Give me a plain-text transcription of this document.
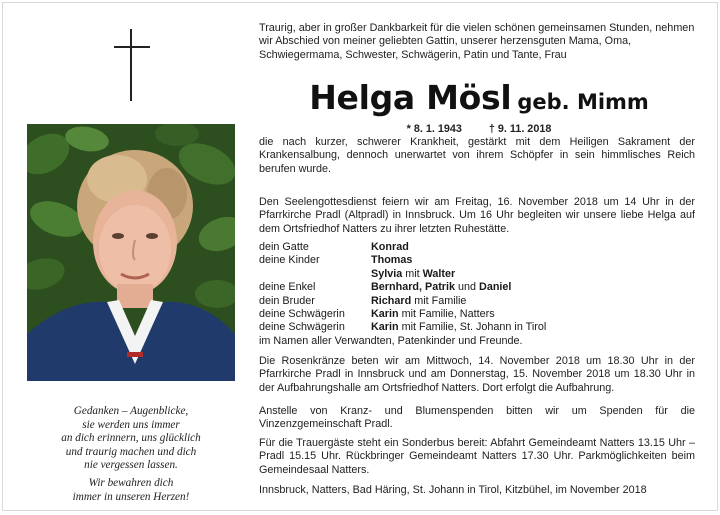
Gedanken – Augenblicke,
sie werden uns immer
an dich erinnern, uns glücklich
und traurig machen und dich
nie vergessen lassen.
Wir bewahren dich
immer in unseren Herzen!

Traurig, aber in großer Dankbarkeit für die vielen schönen gemeinsamen Stunden, nehmen wir Abschied von meiner geliebten Gattin, unserer herzensguten Mama, Oma, Schwiegermama, Schwester, Schwägerin, Patin und Tante, Frau

Helga Mösl geb. Mimm
* 8. 1. 1943	† 9. 11. 2018

die nach kurzer, schwerer Krankheit, gestärkt mit dem Heiligen Sakrament der Krankensalbung, dennoch unerwartet von ihrem Schöpfer in sein himmlisches Reich berufen wurde.

Den Seelengottesdienst feiern wir am Freitag, 16. November 2018 um 14 Uhr in der Pfarrkirche Pradl (Altpradl) in Innsbruck. Um 16 Uhr begleiten wir unsere liebe Helga auf dem Ortsfriedhof Natters zu ihrer letzten Ruhestätte.

dein Gatte	Konrad
deine Kinder	Thomas
Sylvia mit Walter
deine Enkel	Bernhard, Patrik und Daniel
dein Bruder	Richard mit Familie
deine Schwägerin	Karin mit Familie, Natters
deine Schwägerin	Karin mit Familie, St. Johann in Tirol
im Namen aller Verwandten, Patenkinder und Freunde.

Die Rosenkränze beten wir am Mittwoch, 14. November 2018 um 18.30 Uhr in der Pfarrkirche Pradl in Innsbruck und am Donnerstag, 15. November 2018 um 18.30 Uhr in der Aufbahrungshalle am Ortsfriedhof Natters. Dort erfolgt die Aufbahrung.

Anstelle von Kranz- und Blumenspenden bitten wir um Spenden für die Vinzenzgemeinschaft Pradl.

Für die Trauergäste steht ein Sonderbus bereit: Abfahrt Gemeindeamt Natters 13.15 Uhr – Pradl 15.15 Uhr. Rückbringer Gemeindeamt Natters 17.30 Uhr. Parkmöglichkeiten beim Gemeindesaal Natters.

Innsbruck, Natters, Bad Häring, St. Johann in Tirol, Kitzbühel, im November 2018
